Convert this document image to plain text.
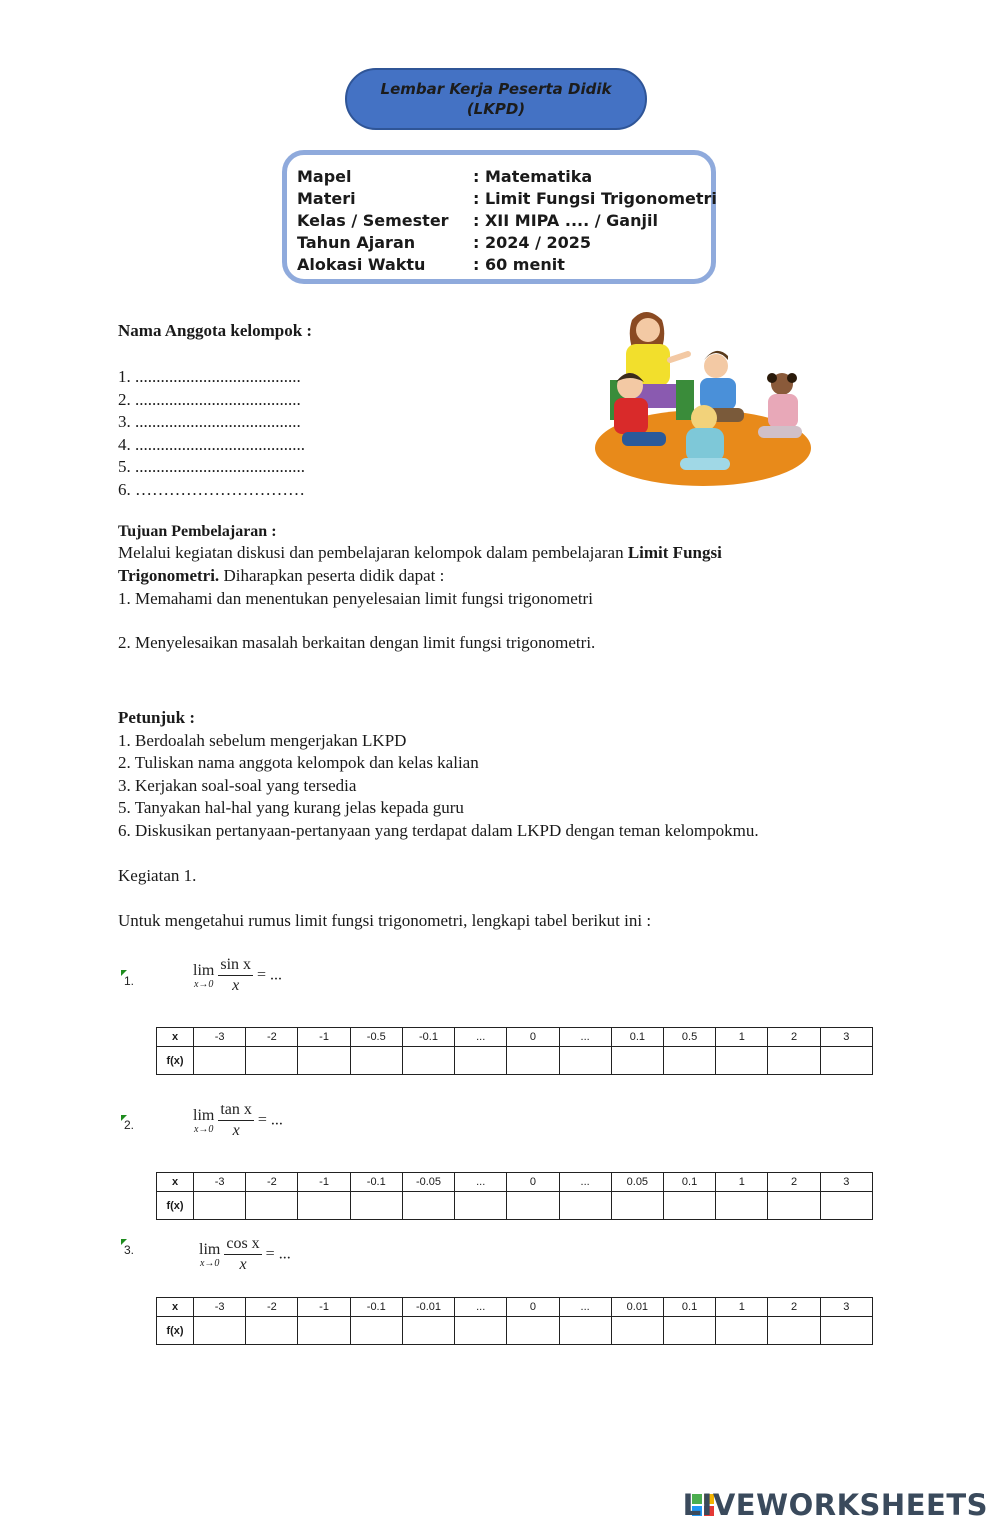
Lembar Kerja Peserta Didik
(LKPD)
Mapel	: Matematika
Materi	: Limit Fungsi Trigonometri
Kelas / Semester : XII MIPA .... / Ganjil
Tahun Ajaran	: 2024 / 2025
Alokasi Waktu	: 60 menit
Nama Anggota kelompok :
1. .......................................
2. .......................................
3. .......................................
4. ........................................
5. ........................................
6. …………………………
Tujuan Pembelajaran :
Melalui kegiatan diskusi dan pembelajaran kelompok dalam pembelajaran Limit Fungsi
Trigonometri. Diharapkan peserta didik dapat :
1. Memahami dan menentukan penyelesaian limit fungsi trigonometri
2. Menyelesaikan masalah berkaitan dengan limit fungsi trigonometri.
Petunjuk :
1. Berdoalah sebelum mengerjakan LKPD
2. Tuliskan nama anggota kelompok dan kelas kalian
3. Kerjakan soal-soal yang tersedia
5. Tanyakan hal-hal yang kurang jelas kepada guru
6. Diskusikan pertanyaan-pertanyaan yang terdapat dalam LKPD dengan teman kelompokmu.
Kegiatan 1.
Untuk mengetahui rumus limit fungsi trigonometri, lengkapi tabel berikut ini :
1.
lim
x→0
$\frac{\text{sin x}}{x}$ = ...
x	-3	-2	-1	-0.5	-0.1	...	0	...	0.1	0.5	1	2	3
f(x)													
2.
lim
x→0
$\frac{\text{tan x}}{x}$ = ...
x	-3	-2	-1	-0.1	-0.05	...	0	...	0.05	0.1	1	2	3
f(x)													
3.	lim
x→0
$\frac{\text{cos x}}{x}$ = ...
x	-3	-2	-1	-0.1	-0.01	...	0	...	0.01	0.1	1	2	3
f(x)													
LIVEWORKSHEETS
